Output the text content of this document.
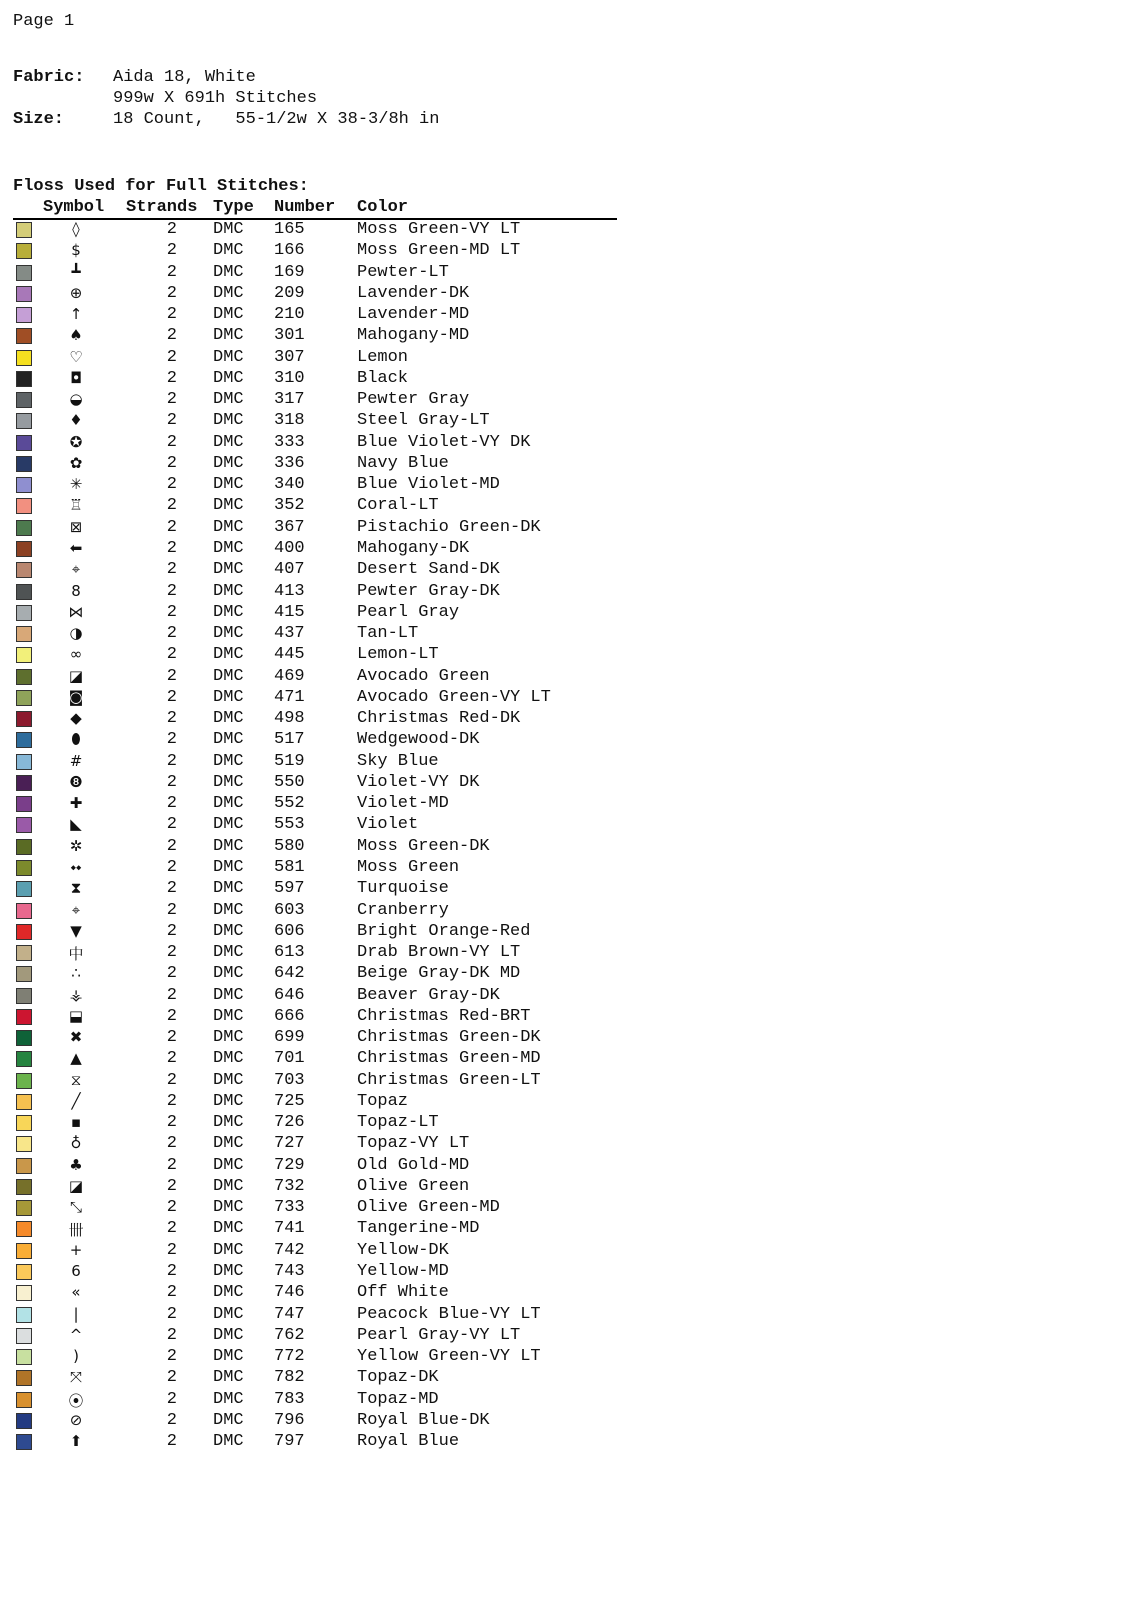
Page 1
Fabric: Aida 18, White
999w X 691h Stitches
Size:	18 Count,   55-1/2w X 38-3/8h in
Floss Used for Full Stitches:
Symbol Strands Type Number Color
◊	2 DMC 165	Moss Green-VY LT
$	2 DMC 166	Moss Green-MD LT
┻	2 DMC 169	Pewter-LT
⊕	2 DMC 209	Lavender-DK
↑	2 DMC 210	Lavender-MD
♠	2 DMC 301	Mahogany-MD
♡	2 DMC 307	Lemon
◘	2 DMC 310	Black
◒	2 DMC 317	Pewter Gray
♦	2 DMC 318	Steel Gray-LT
✪	2 DMC 333	Blue Violet-VY DK
✿	2 DMC 336	Navy Blue
✳	2 DMC 340	Blue Violet-MD
♖	2 DMC 352	Coral-LT
⊠	2 DMC 367	Pistachio Green-DK
⬅	2 DMC 400	Mahogany-DK
⌖	2 DMC 407	Desert Sand-DK
8	2 DMC 413	Pewter Gray-DK
⋈	2 DMC 415	Pearl Gray
◑	2 DMC 437	Tan-LT
∞	2 DMC 445	Lemon-LT
◪	2 DMC 469	Avocado Green
◙	2 DMC 471	Avocado Green-VY LT
◆	2 DMC 498	Christmas Red-DK
⬮	2 DMC 517	Wedgewood-DK
#	2 DMC 519	Sky Blue
❽	2 DMC 550	Violet-VY DK
✚	2 DMC 552	Violet-MD
◣	2 DMC 553	Violet
✲	2 DMC 580	Moss Green-DK
⬩⬩	2 DMC 581	Moss Green
⧗	2 DMC 597	Turquoise
⌖	2 DMC 603	Cranberry
▼	2 DMC 606	Bright Orange-Red
中	2 DMC 613	Drab Brown-VY LT
∴	2 DMC 642	Beige Gray-DK MD
⚶	2 DMC 646	Beaver Gray-DK
⬓	2 DMC 666	Christmas Red-BRT
✖	2 DMC 699	Christmas Green-DK
▲	2 DMC 701	Christmas Green-MD
⧖	2 DMC 703	Christmas Green-LT
╱	2 DMC 725	Topaz
▪	2 DMC 726	Topaz-LT
♁	2 DMC 727	Topaz-VY LT
♣	2 DMC 729	Old Gold-MD
◪	2 DMC 732	Olive Green
⤡	2 DMC 733	Olive Green-MD
卌	2 DMC 741	Tangerine-MD
+	2 DMC 742	Yellow-DK
6	2 DMC 743	Yellow-MD
«	2 DMC 746	Off White
|	2 DMC 747	Peacock Blue-VY LT
^	2 DMC 762	Pearl Gray-VY LT
)	2 DMC 772	Yellow Green-VY LT
⤧	2 DMC 782	Topaz-DK
⦿	2 DMC 783	Topaz-MD
⊘	2 DMC 796	Royal Blue-DK
⬆	2 DMC 797	Royal Blue
